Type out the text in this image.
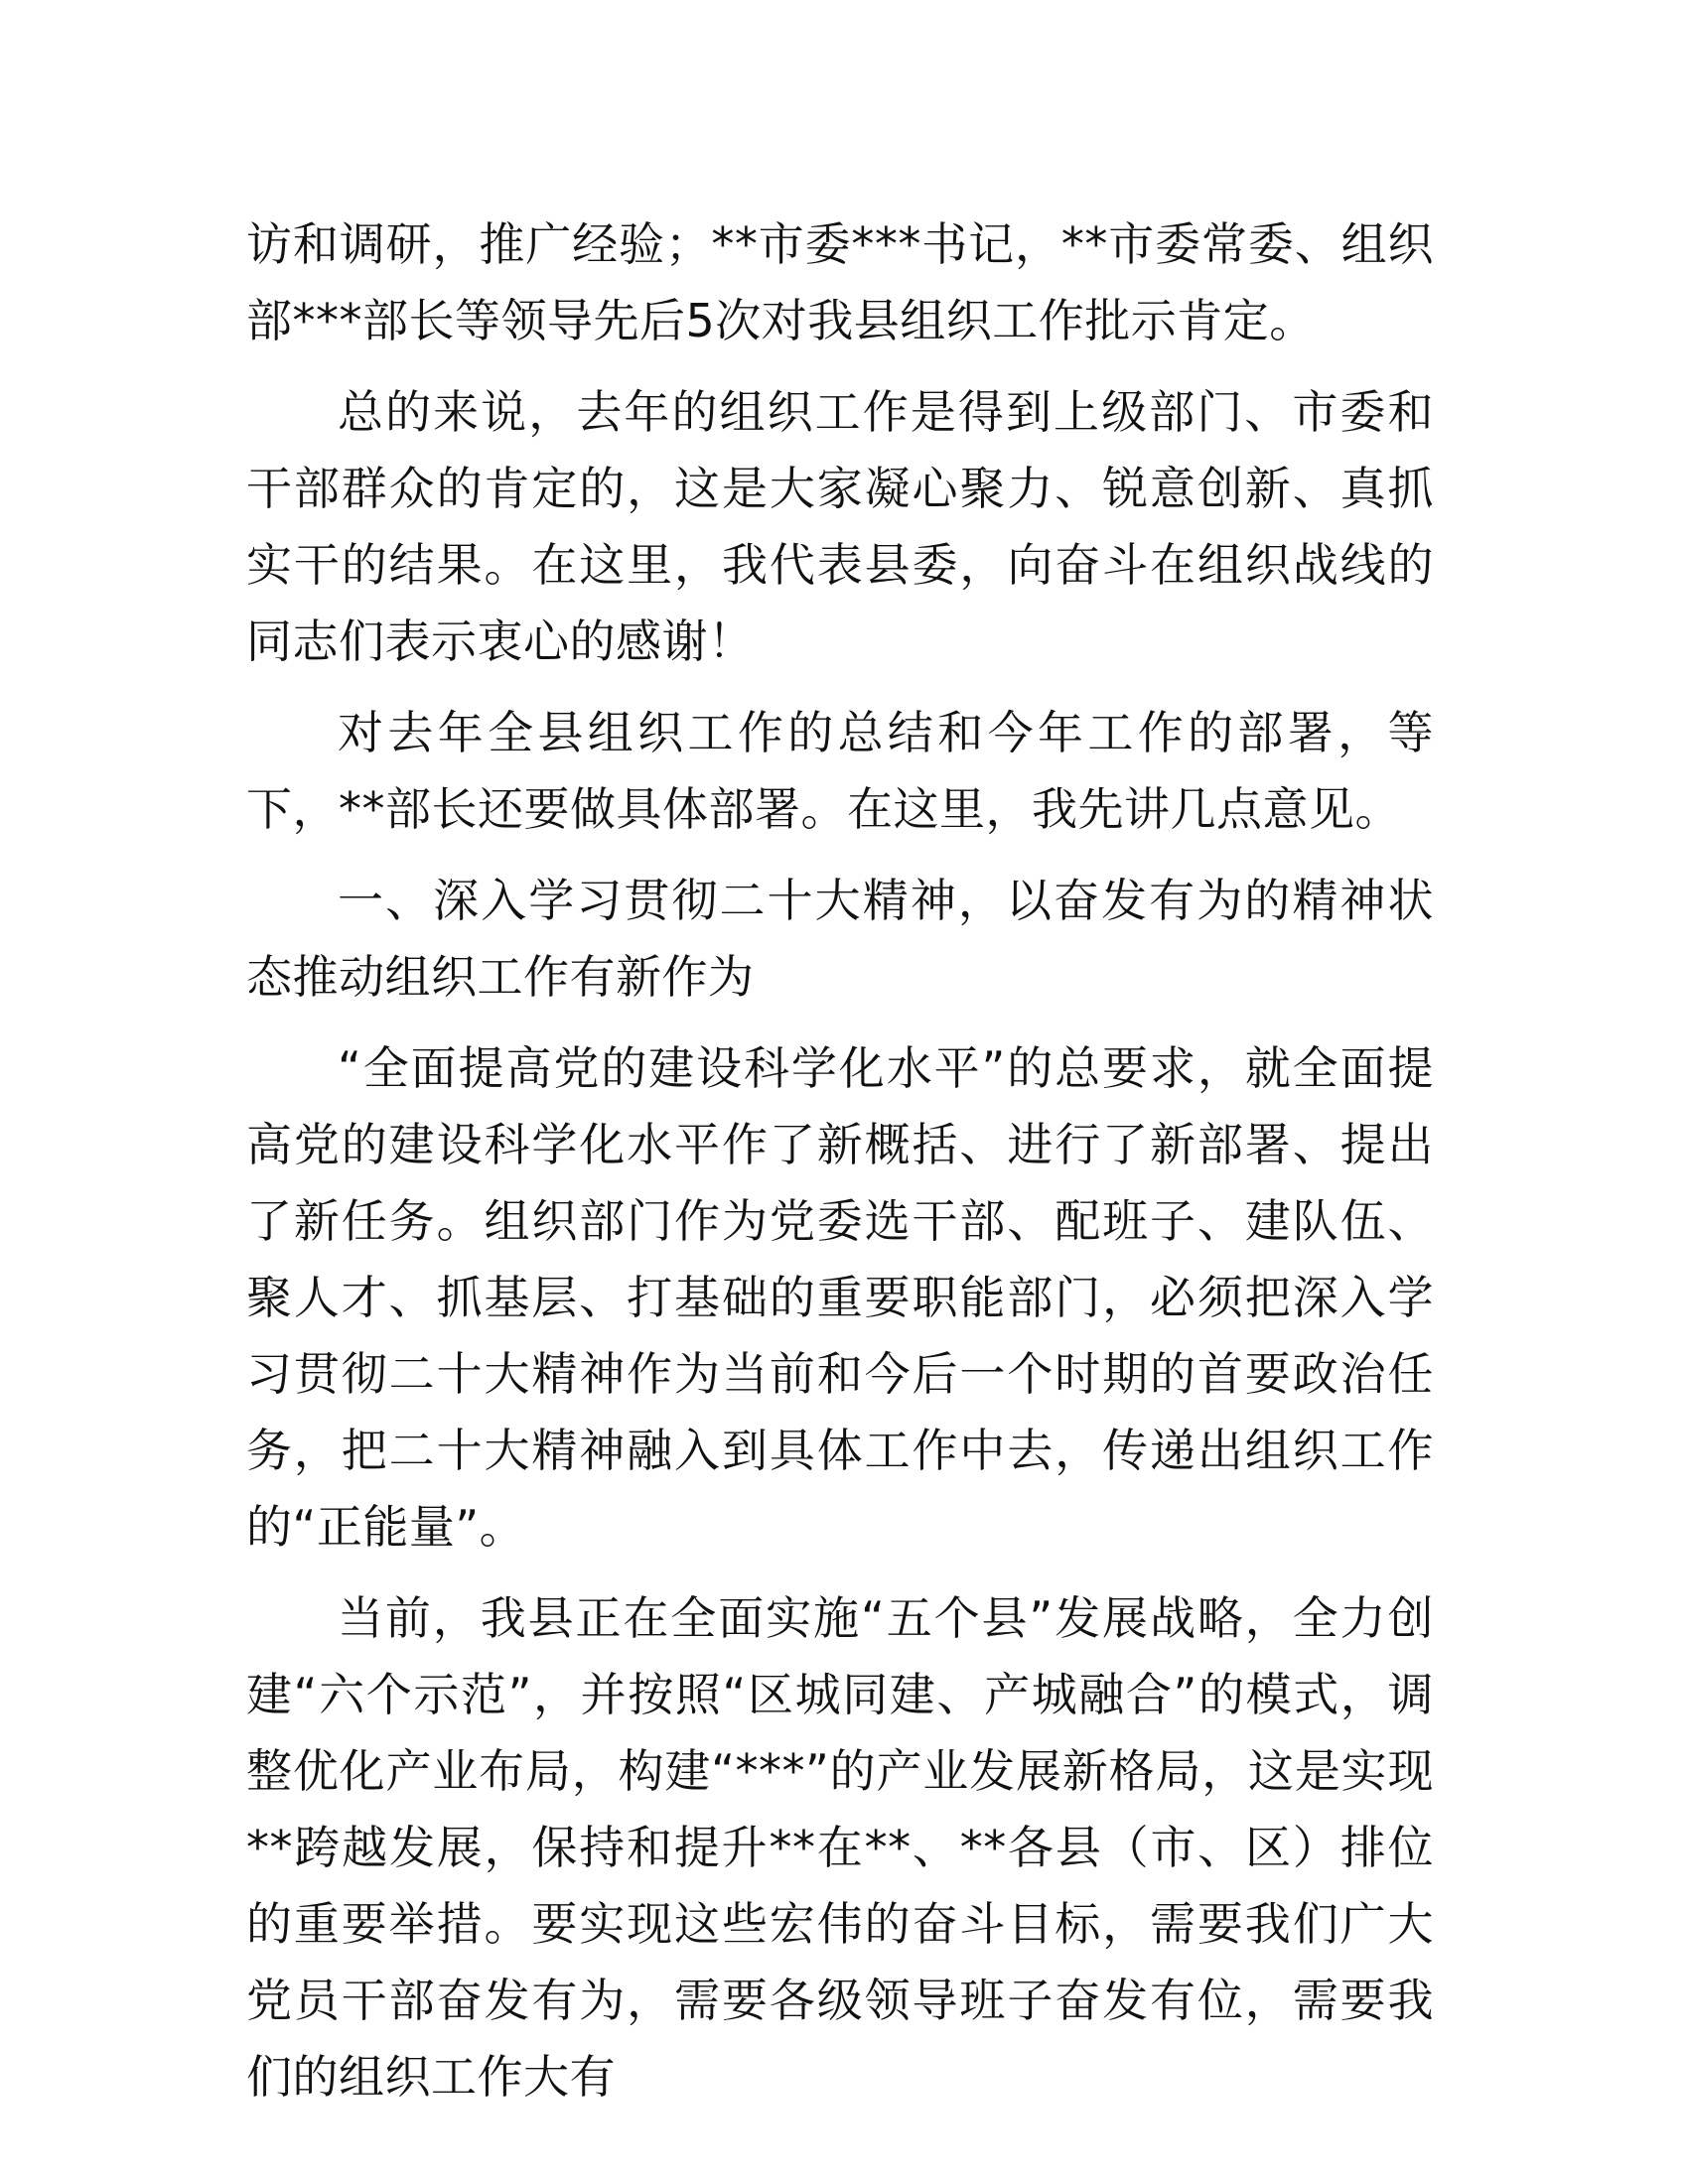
访和调研，推广经验；**市委***书记，**市委常委、组织部***部长等领导先后5次对我县组织工作批示肯定。

总的来说，去年的组织工作是得到上级部门、市委和干部群众的肯定的，这是大家凝心聚力、锐意创新、真抓实干的结果。在这里，我代表县委，向奋斗在组织战线的同志们表示衷心的感谢！

对去年全县组织工作的总结和今年工作的部署，等下，**部长还要做具体部署。在这里，我先讲几点意见。

一、深入学习贯彻二十大精神，以奋发有为的精神状态推动组织工作有新作为

“全面提高党的建设科学化水平”的总要求，就全面提高党的建设科学化水平作了新概括、进行了新部署、提出了新任务。组织部门作为党委选干部、配班子、建队伍、聚人才、抓基层、打基础的重要职能部门，必须把深入学习贯彻二十大精神作为当前和今后一个时期的首要政治任务，把二十大精神融入到具体工作中去，传递出组织工作的“正能量”。

当前，我县正在全面实施“五个县”发展战略，全力创建“六个示范”，并按照“区城同建、产城融合”的模式，调整优化产业布局，构建“***”的产业发展新格局，这是实现**跨越发展，保持和提升**在**、**各县（市、区）排位的重要举措。要实现这些宏伟的奋斗目标，需要我们广大党员干部奋发有为，需要各级领导班子奋发有位，需要我们的组织工作大有
